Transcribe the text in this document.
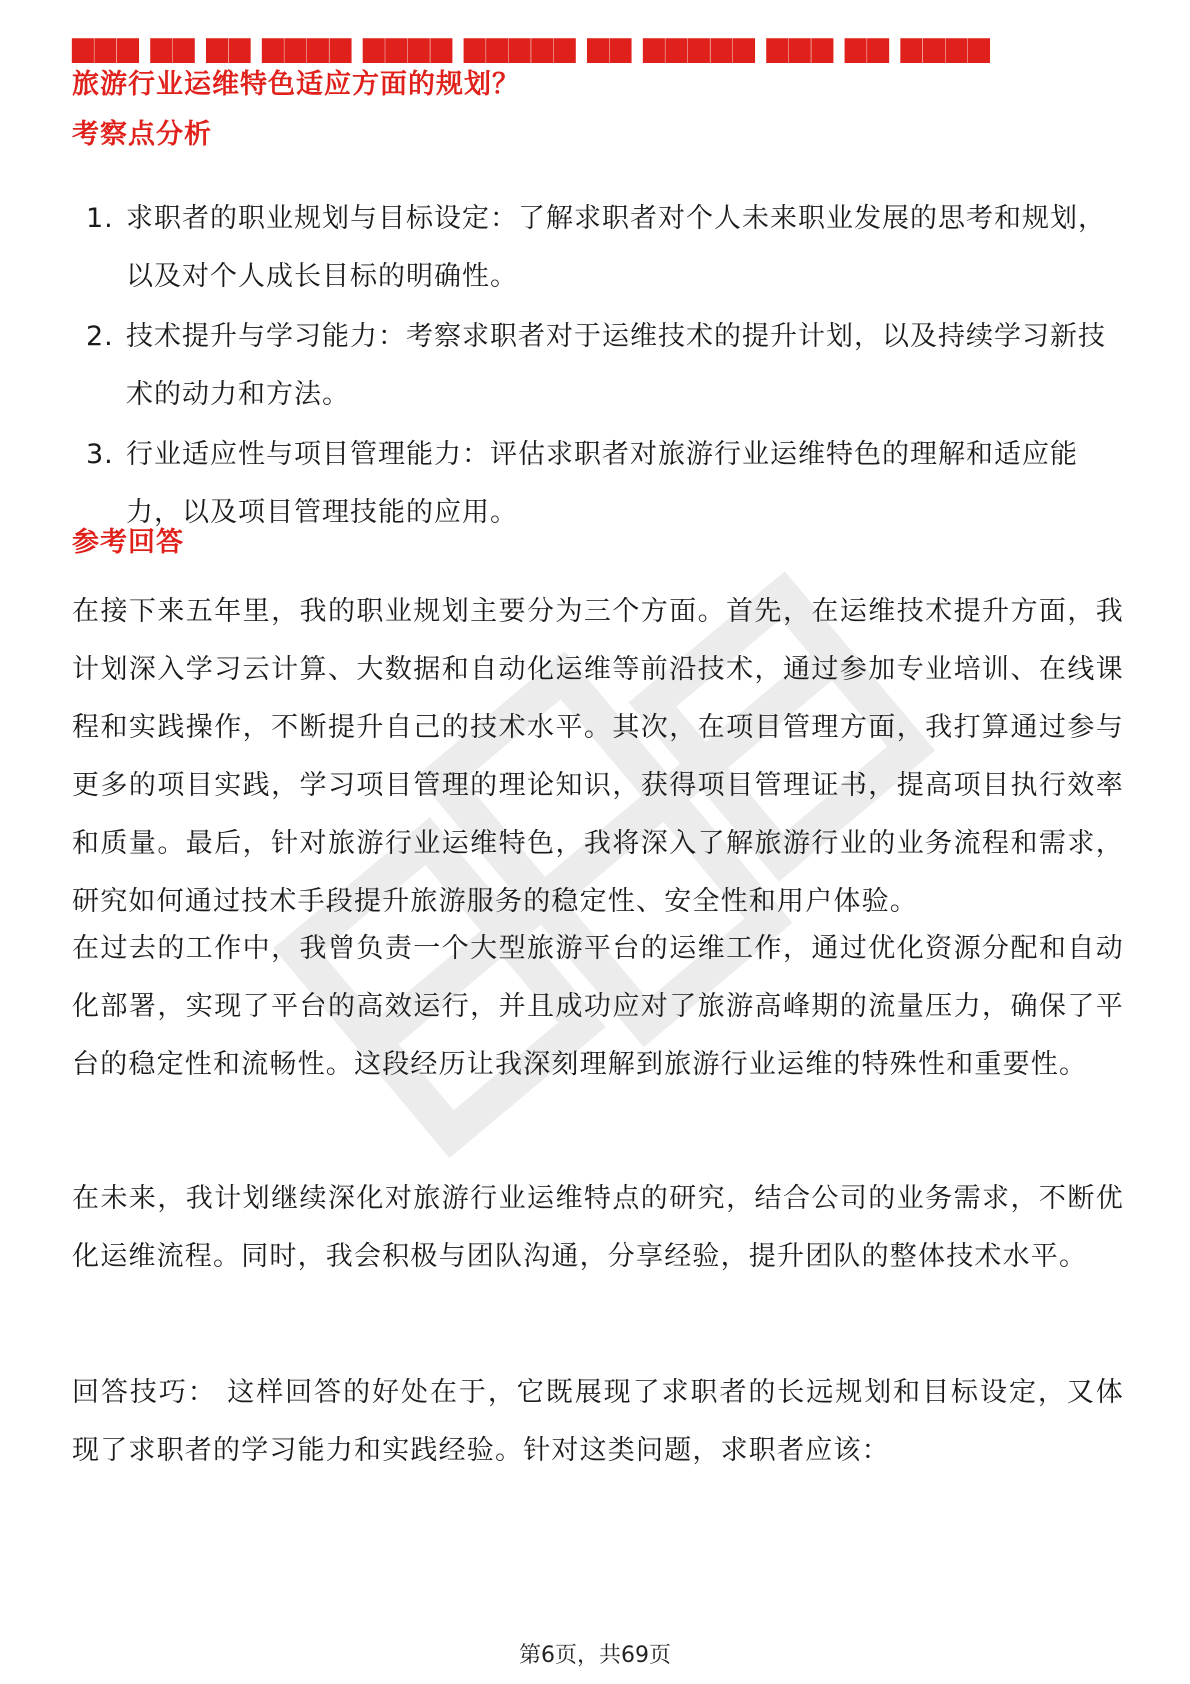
▆▆▆ ▆▆ ▆▆ ▆▆▆▆ ▆▆▆▆ ▆▆▆▆▆ ▆▆ ▆▆▆▆▆ ▆▆▆ ▆▆ ▆▆▆▆
旅游行业运维特色适应方面的规划？
考察点分析
1. 求职者的职业规划与目标设定：了解求职者对个人未来职业发展的思考和规划，以及对个人成长目标的明确性。
2. 技术提升与学习能力：考察求职者对于运维技术的提升计划，以及持续学习新技术的动力和方法。
3. 行业适应性与项目管理能力：评估求职者对旅游行业运维特色的理解和适应能力，以及项目管理技能的应用。
参考回答

在接下来五年里，我的职业规划主要分为三个方面。首先，在运维技术提升方面，我计划深入学习云计算、大数据和自动化运维等前沿技术，通过参加专业培训、在线课程和实践操作，不断提升自己的技术水平。其次，在项目管理方面，我打算通过参与更多的项目实践，学习项目管理的理论知识，获得项目管理证书，提高项目执行效率和质量。最后，针对旅游行业运维特色，我将深入了解旅游行业的业务流程和需求，研究如何通过技术手段提升旅游服务的稳定性、安全性和用户体验。

在过去的工作中，我曾负责一个大型旅游平台的运维工作，通过优化资源分配和自动化部署，实现了平台的高效运行，并且成功应对了旅游高峰期的流量压力，确保了平台的稳定性和流畅性。这段经历让我深刻理解到旅游行业运维的特殊性和重要性。

在未来，我计划继续深化对旅游行业运维特点的研究，结合公司的业务需求，不断优化运维流程。同时，我会积极与团队沟通，分享经验，提升团队的整体技术水平。

回答技巧： 这样回答的好处在于，它既展现了求职者的长远规划和目标设定，又体现了求职者的学习能力和实践经验。针对这类问题，求职者应该：

第6页，共69页
